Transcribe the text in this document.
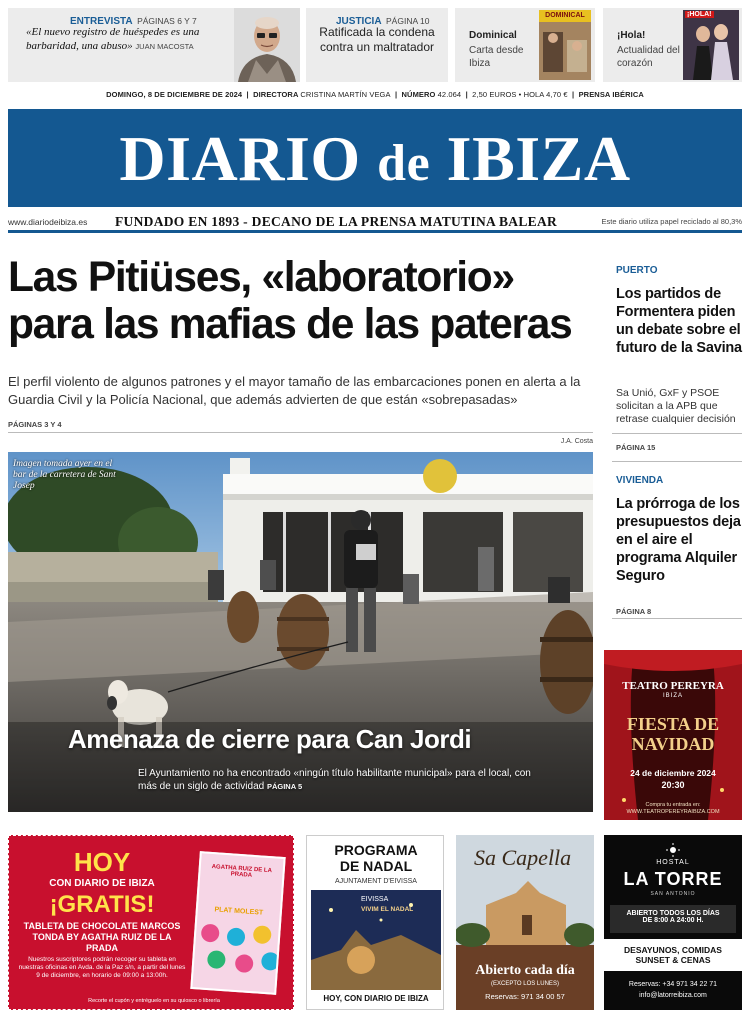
ENTREVISTA PÁGINAS 6 Y 7
«El nuevo registro de huéspedes es una barbaridad, una abuso» JUAN MACOSTA
JUSTICIA PÁGINA 10
Ratificada la condena contra un maltratador
Dominical
Carta desde Ibiza
DOMINICAL
¡Hola!
Actualidad del corazón
¡HOLA!
DOMINGO, 8 DE DICIEMBRE DE 2024  |  DIRECTORA CRISTINA MARTÍN VEGA  |  NÚMERO 42.064  |  2,50 EUROS • HOLA 4,70 €  |  PRENSA IBÉRICA
DIARIO de IBIZA
www.diariodeibiza.es FUNDADO EN 1893 - DECANO DE LA PRENSA MATUTINA BALEAR	Este diario utiliza papel reciclado al 80,3%
Las Pitiüses, «laboratorio» para las mafias de las pateras

El perfil violento de algunos patrones y el mayor tamaño de las embarcaciones ponen en alerta a la Guardia Civil y la Policía Nacional, que además advierten de que están «sobrepasadas»

PÁGINAS 3 Y 4
J.A. Costa
Imagen tomada ayer en el bar de la carretera de Sant Josep
Amenaza de cierre para Can Jordi
El Ayuntamiento no ha encontrado «ningún título habilitante municipal» para el local, con más de un siglo de actividad PÁGINA 5
PUERTO
Los partidos de Formentera piden un debate sobre el futuro de la Savina
Sa Unió, GxF y PSOE solicitan a la APB que retrase cualquier decisión
PÁGINA 15
VIVIENDA
La prórroga de los presupuestos deja en el aire el programa Alquiler Seguro
PÁGINA 8
TEATRO PEREYRA
IBIZA
FIESTA DE
NAVIDAD
24 de diciembre 2024
20:30
Compra tu entrada en: WWW.TEATROPEREYRAIBIZA.COM
HOY
CON DIARIO DE IBIZA
¡GRATIS!
TABLETA DE CHOCOLATE MARCOS TONDA BY AGATHA RUIZ DE LA PRADA
Nuestros suscriptores podrán recoger su tableta en nuestras oficinas en Avda. de la Paz s/n, a partir del lunes 9 de diciembre, en horario de 09:00 a 13:00h.
Recorte el cupón y entréguelo en su quiosco o librería
AGATHA RUIZ DE LA PRADA
PLAT MOLEST
PROGRAMA
DE NADAL
AJUNTAMENT D'EIVISSA
EIVISSA
VIVIM EL NADAL
HOY, CON DIARIO DE IBIZA
Sa Capella
Abierto cada día
(EXCEPTO LOS LUNES)
Reservas: 971 34 00 57
HOSTAL
LA TORRE
SAN ANTONIO
ABIERTO TODOS LOS DÍAS
DE 8:00 A 24:00 H.
DESAYUNOS, COMIDAS
SUNSET & CENAS
Reservas: +34 971 34 22 71
info@latorreibiza.com
